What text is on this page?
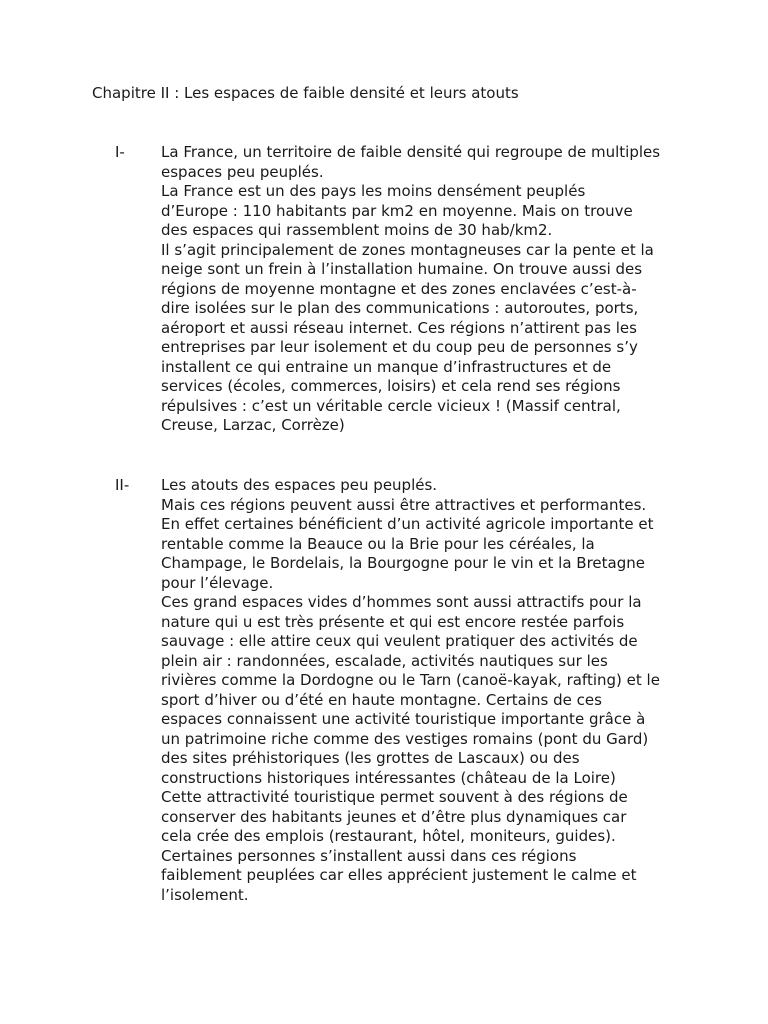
Chapitre II : Les espaces de faible densité et leurs atouts
I- La France, un territoire de faible densité qui regroupe de multiples
espaces peu peuplés.

La France est un des pays les moins densément peuplés
d’Europe : 110 habitants par km2 en moyenne. Mais on trouve
des espaces qui rassemblent moins de 30 hab/km2.

Il s’agit principalement de zones montagneuses car la pente et la
neige sont un frein à l’installation humaine. On trouve aussi des
régions de moyenne montagne et des zones enclavées c’est-à-
dire isolées sur le plan des communications : autoroutes, ports,
aéroport et aussi réseau internet. Ces régions n’attirent pas les
entreprises par leur isolement et du coup peu de personnes s’y
installent ce qui entraine un manque d’infrastructures et de
services (écoles, commerces, loisirs) et cela rend ses régions
répulsives : c’est un véritable cercle vicieux ! (Massif central,
Creuse, Larzac, Corrèze)

II- Les atouts des espaces peu peuplés.

Mais ces régions peuvent aussi être attractives et performantes.
En effet certaines bénéficient d’un activité agricole importante et
rentable comme la Beauce ou la Brie pour les céréales, la
Champage, le Bordelais, la Bourgogne pour le vin et la Bretagne
pour l’élevage.

Ces grand espaces vides d’hommes sont aussi attractifs pour la
nature qui u est très présente et qui est encore restée parfois
sauvage : elle attire ceux qui veulent pratiquer des activités de
plein air : randonnées, escalade, activités nautiques sur les
rivières comme la Dordogne ou le Tarn (canoë-kayak, rafting) et le
sport d’hiver ou d’été en haute montagne. Certains de ces
espaces connaissent une activité touristique importante grâce à
un patrimoine riche comme des vestiges romains (pont du Gard)
des sites préhistoriques (les grottes de Lascaux) ou des
constructions historiques intéressantes (château de la Loire)

Cette attractivité touristique permet souvent à des régions de
conserver des habitants jeunes et d’être plus dynamiques car
cela crée des emplois (restaurant, hôtel, moniteurs, guides).

Certaines personnes s’installent aussi dans ces régions
faiblement peuplées car elles apprécient justement le calme et
l’isolement.
